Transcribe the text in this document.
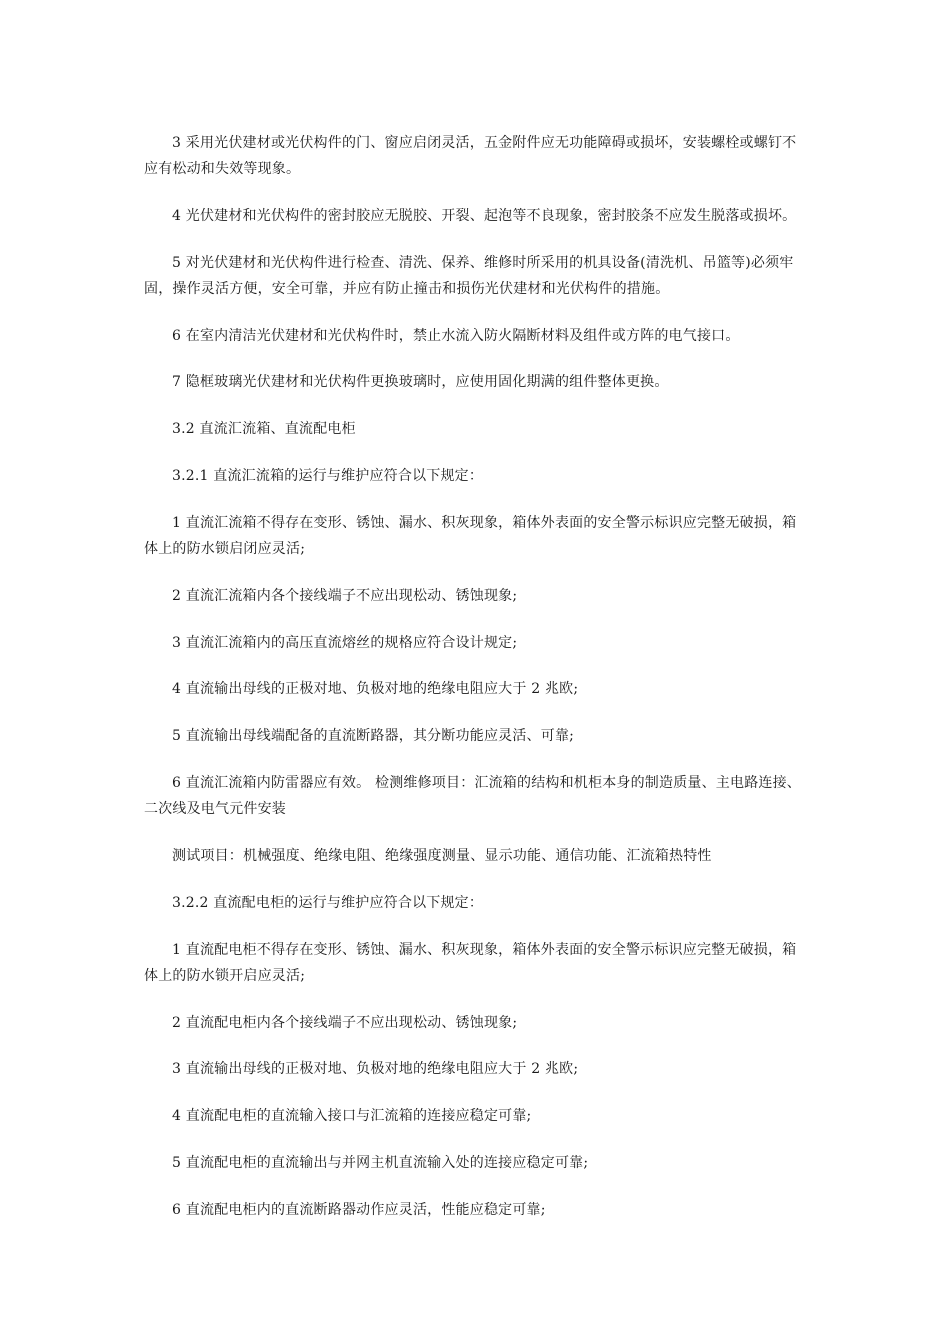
3 采用光伏建材或光伏构件的门、窗应启闭灵活，五金附件应无功能障碍或损坏，安装螺栓或螺钉不应有松动和失效等现象。

4 光伏建材和光伏构件的密封胶应无脱胶、开裂、起泡等不良现象，密封胶条不应发生脱落或损坏。

5 对光伏建材和光伏构件进行检查、清洗、保养、维修时所采用的机具设备(清洗机、吊篮等)必须牢固，操作灵活方便，安全可靠，并应有防止撞击和损伤光伏建材和光伏构件的措施。

6 在室内清洁光伏建材和光伏构件时，禁止水流入防火隔断材料及组件或方阵的电气接口。

7 隐框玻璃光伏建材和光伏构件更换玻璃时，应使用固化期满的组件整体更换。

3.2 直流汇流箱、直流配电柜

3.2.1 直流汇流箱的运行与维护应符合以下规定：

1 直流汇流箱不得存在变形、锈蚀、漏水、积灰现象，箱体外表面的安全警示标识应完整无破损，箱体上的防水锁启闭应灵活;

2 直流汇流箱内各个接线端子不应出现松动、锈蚀现象;

3 直流汇流箱内的高压直流熔丝的规格应符合设计规定;

4 直流输出母线的正极对地、负极对地的绝缘电阻应大于 2 兆欧;

5 直流输出母线端配备的直流断路器，其分断功能应灵活、可靠;

6 直流汇流箱内防雷器应有效。 检测维修项目：汇流箱的结构和机柜本身的制造质量、主电路连接、二次线及电气元件安装

测试项目：机械强度、绝缘电阻、绝缘强度测量、显示功能、通信功能、汇流箱热特性

3.2.2 直流配电柜的运行与维护应符合以下规定：

1 直流配电柜不得存在变形、锈蚀、漏水、积灰现象，箱体外表面的安全警示标识应完整无破损，箱体上的防水锁开启应灵活;

2 直流配电柜内各个接线端子不应出现松动、锈蚀现象;

3 直流输出母线的正极对地、负极对地的绝缘电阻应大于 2 兆欧;

4 直流配电柜的直流输入接口与汇流箱的连接应稳定可靠;

5 直流配电柜的直流输出与并网主机直流输入处的连接应稳定可靠;

6 直流配电柜内的直流断路器动作应灵活，性能应稳定可靠;
